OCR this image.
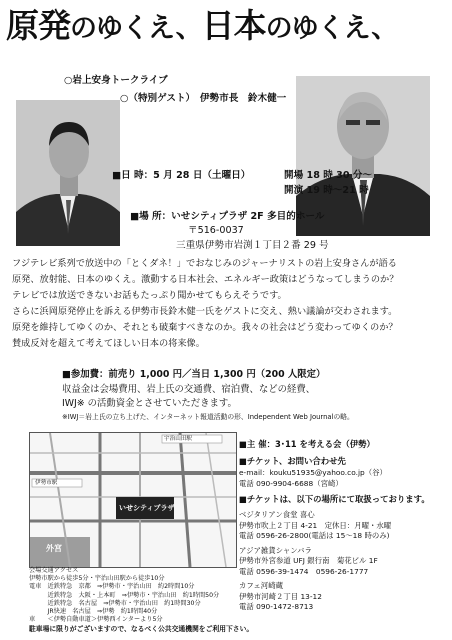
原発のゆくえ、日本のゆくえ、
○岩上安身トークライブ
○（特別ゲスト）　伊勢市長　鈴木健一
■日 時：5 月 28 日（土曜日）	開場 18 時 30 分〜
開演 19 時〜21 時
■場 所：いせシティプラザ 2F 多目的ホール
〒516-0037
三重県伊勢市岩渕１丁目２番 29 号
フジテレビ系列で放送中の「とくダネ！」でおなじみのジャーナリストの岩上安身さんが語る
原発、放射能、日本のゆくえ。激動する日本社会、エネルギー政策はどうなってしまうのか？
テレビでは放送できないお話もたっぷり聞かせてもらえそうです。
さらに浜岡原発停止を訴える伊勢市長鈴木健一氏をゲストに交え、熱い議論が交わされます。
原発を維持してゆくのか、それとも破棄すべきなのか。我々の社会はどう変わってゆくのか？
賛成反対を超えて考えてほしい日本の将来像。
■参加費：前売り 1,000 円／当日 1,300 円（200 人限定）
収益金は会場費用、岩上氏の交通費、宿泊費、などの経費、
IWJ※ の活動資金とさせていただきます。
※IWJ＝岩上氏の立ち上げた、インターネット報道活動の形、Independent Web Journalの略。
宇治山田駅
伊勢市駅
いせシティプラザ
外宮
会場交通アクセス
伊勢市駅から徒歩5分・宇治山田駅から徒歩10分
電車　近鉄特急　京都　⇒伊勢市・宇治山田　約2時間10分
　　　近鉄特急　大阪・上本町　⇒伊勢市・宇治山田　約1時間50分
　　　近鉄特急　名古屋　⇒伊勢市・宇治山田　約1時間30分
　　　JR快速　名古屋　⇒伊勢　約1時間40分
車　　＜伊勢自動車道＞伊勢西インターより5分
■主 催：3･11 を考える会（伊勢）
■チケット、お問い合わせ先
e-mail：kouku51935@yahoo.co.jp（谷）
電話 090-9904-6688（宮崎）
■チケットは、以下の場所にて取扱っております。
ベジタリアン食堂 喜心
伊勢市吹上２丁目 4-21　定休日：月曜・水曜
電話 0596-26-2800(電話は 15〜18 時のみ)
アジア雑貨シャンバラ
伊勢市外宮参道 UFJ 銀行南　菊花ビル 1F
電話 0596-39-1474　0596-26-1777
カフェ河崎蔵
伊勢市河崎２丁目 13-12
電話 090-1472-8713
駐車場に限りがございますので、なるべく公共交通機関をご利用下さい。
